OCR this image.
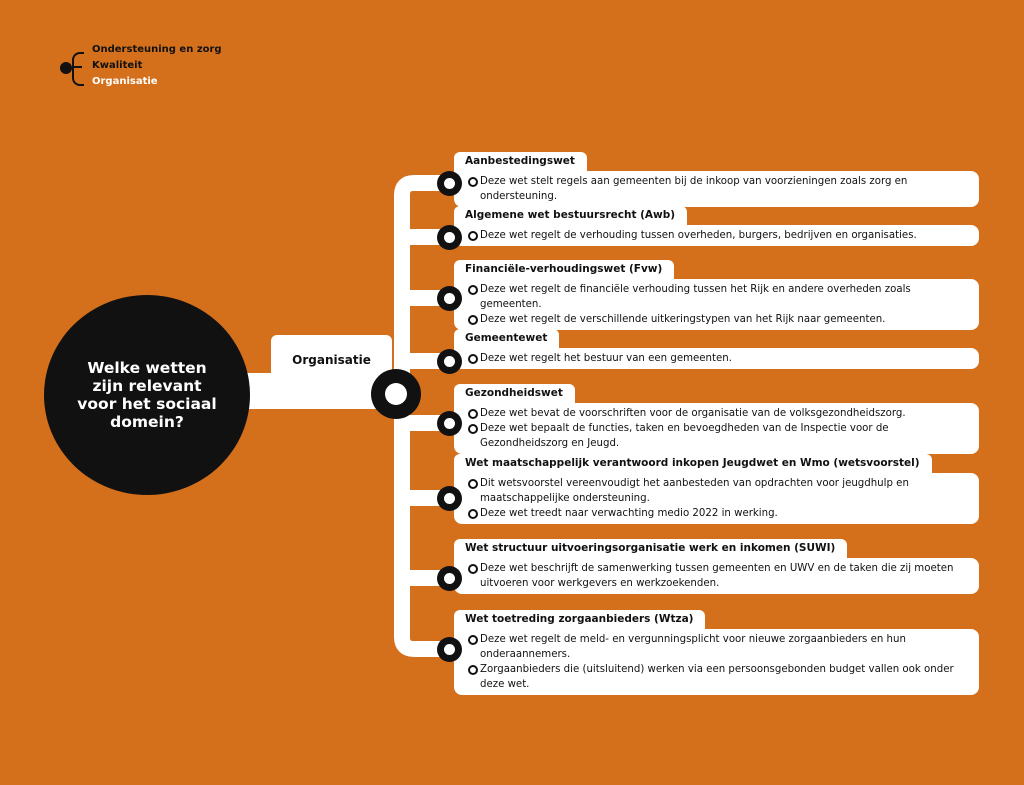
Ondersteuning en zorg
Kwaliteit
Organisatie
Welke wetten zijn relevant voor het sociaal domein?
Organisatie
Aanbestedingswet
Deze wet stelt regels aan gemeenten bij de inkoop van voorzieningen zoals zorg en ondersteuning.
Algemene wet bestuursrecht (Awb)
Deze wet regelt de verhouding tussen overheden, burgers, bedrijven en organisaties.
Financiële-verhoudingswet (Fvw)
Deze wet regelt de financiële verhouding tussen het Rijk en andere overheden zoals gemeenten.
Deze wet regelt de verschillende uitkeringstypen van het Rijk naar gemeenten.
Gemeentewet
Deze wet regelt het bestuur van een gemeenten.
Gezondheidswet
Deze wet bevat de voorschriften voor de organisatie van de volksgezondheidszorg.
Deze wet bepaalt de functies, taken en bevoegdheden van de Inspectie voor de Gezondheidszorg en Jeugd.
Wet maatschappelijk verantwoord inkopen Jeugdwet en Wmo (wetsvoorstel)
Dit wetsvoorstel vereenvoudigt het aanbesteden van opdrachten voor jeugdhulp en maatschappelijke ondersteuning.
Deze wet treedt naar verwachting medio 2022 in werking.
Wet structuur uitvoeringsorganisatie werk en inkomen (SUWI)
Deze wet beschrijft de samenwerking tussen gemeenten en UWV en de taken die zij moeten uitvoeren voor werkgevers en werkzoekenden.
Wet toetreding zorgaanbieders (Wtza)
Deze wet regelt de meld- en vergunningsplicht voor nieuwe zorgaanbieders en hun onderaannemers.
Zorgaanbieders die (uitsluitend) werken via een persoonsgebonden budget vallen ook onder deze wet.
